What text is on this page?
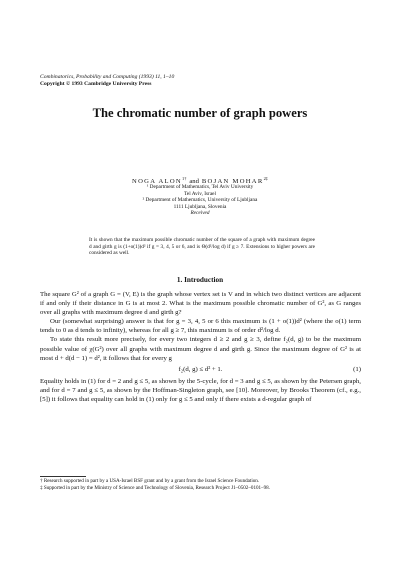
Combinatorics, Probability and Computing (1993) 11, 1–10
Copyright © 1993 Cambridge University Press
The chromatic number of graph powers
NOGA $ALON^{1\dagger}$ and BOJAN $MOHAR^{2\ddagger}$
¹ Department of Mathematics, Tel Aviv University
Tel Aviv, Israel
² Department of Mathematics, University of Ljubljana
1111 Ljubljana, Slovenia
Received

It is shown that the maximum possible chromatic number of the square of a graph with maximum degree d and girth g is (1+o(1))d² if g = 3, 4, 5 or 6, and is Θ(d²/log d) if g ≥ 7. Extensions to higher powers are considered as well.

1. Introduction

The square G² of a graph G = (V, E) is the graph whose vertex set is V and in which two distinct vertices are adjacent if and only if their distance in G is at most 2. What is the maximum possible chromatic number of G², as G ranges over all graphs with maximum degree d and girth g?

Our (somewhat surprising) answer is that for g = 3, 4, 5 or 6 this maximum is (1 + o(1))d² (where the o(1) term tends to 0 as d tends to infinity), whereas for all g ≥ 7, this maximum is of order d²/log d.

To state this result more precisely, for every two integers d ≥ 2 and g ≥ 3, define f₂(d, g) to be the maximum possible value of χ(G²) over all graphs with maximum degree d and girth g. Since the maximum degree of G² is at most d + d(d − 1) = d², it follows that for every g

f₂(d, g) ≤ d² + 1.	(1)

Equality holds in (1) for d = 2 and g ≤ 5, as shown by the 5-cycle, for d = 3 and g ≤ 5, as shown by the Petersen graph, and for d = 7 and g ≤ 5, as shown by the Hoffman-Singleton graph, see [10]. Moreover, by Brooks Theorem (cf., e.g., [5]) it follows that equality can hold in (1) only for g ≤ 5 and only if there exists a d-regular graph of

† Research supported in part by a USA-Israel BSF grant and by a grant from the Israel Science Foundation.

‡ Supported in part by the Ministry of Science and Technology of Slovenia, Research Project J1–0502–0101–98.
